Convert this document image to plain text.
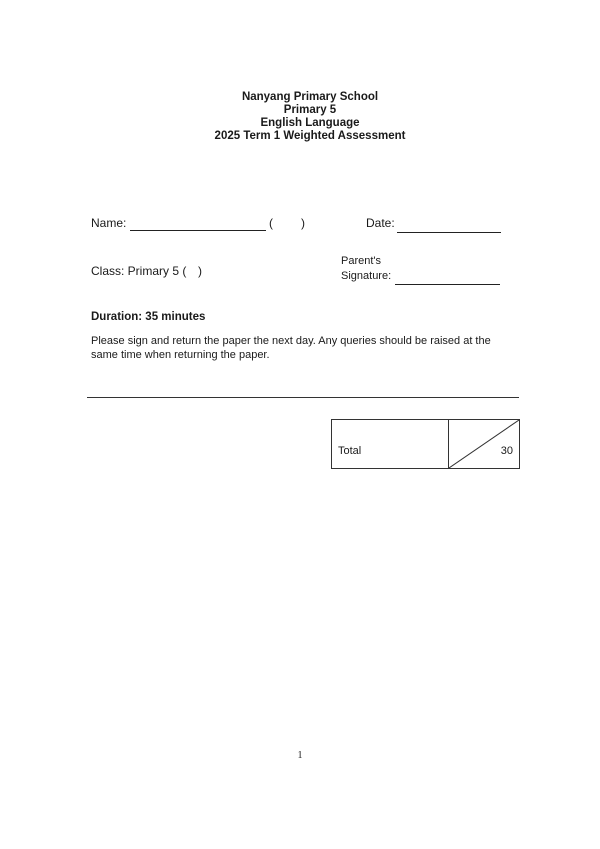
Nanyang Primary School
Primary 5
English Language
2025 Term 1 Weighted Assessment
Name:	( )	Date:
Class: Primary 5 ( )
Parent's
Signature:
Duration: 35 minutes
Please sign and return the paper the next day. Any queries should be raised at the same time when returning the paper.
Total	30
1
